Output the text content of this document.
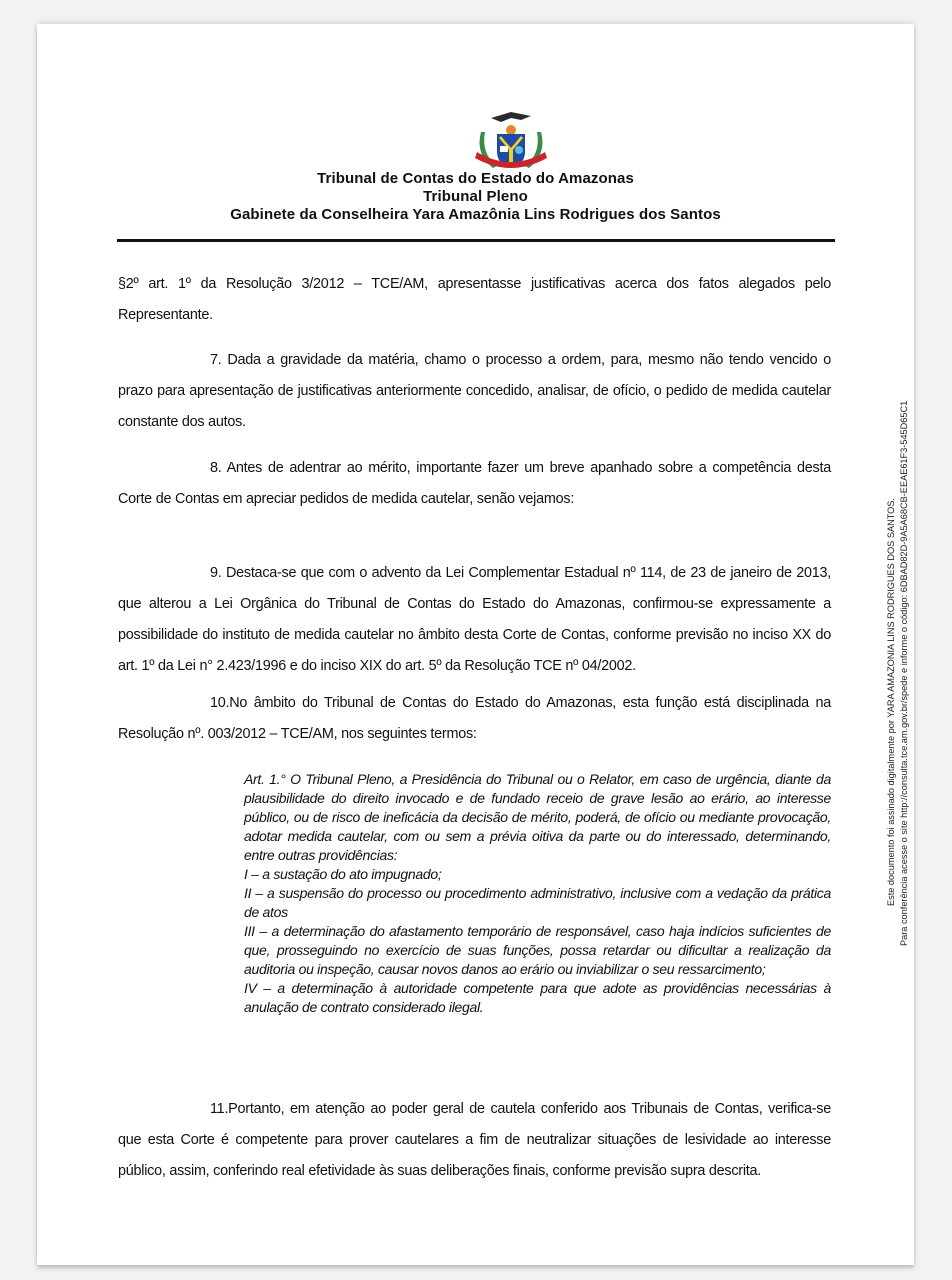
Tribunal de Contas do Estado do Amazonas
Tribunal Pleno
Gabinete da Conselheira Yara Amazônia Lins Rodrigues dos Santos

§2º art. 1º da Resolução 3/2012 – TCE/AM, apresentasse justificativas acerca dos fatos alegados pelo Representante.

7. Dada a gravidade da matéria, chamo o processo a ordem, para, mesmo não tendo vencido o prazo para apresentação de justificativas anteriormente concedido, analisar, de ofício, o pedido de medida cautelar constante dos autos.

8. Antes de adentrar ao mérito, importante fazer um breve apanhado sobre a competência desta Corte de Contas em apreciar pedidos de medida cautelar, senão vejamos:

9. Destaca-se que com o advento da Lei Complementar Estadual nº 114, de 23 de janeiro de 2013, que alterou a Lei Orgânica do Tribunal de Contas do Estado do Amazonas, confirmou-se expressamente a possibilidade do instituto de medida cautelar no âmbito desta Corte de Contas, conforme previsão no inciso XX do art. 1º da Lei n° 2.423/1996 e do inciso XIX do art. 5º da Resolução TCE nº 04/2002.

10.No âmbito do Tribunal de Contas do Estado do Amazonas, esta função está disciplinada na Resolução nº. 003/2012 – TCE/AM, nos seguintes termos:

Art. 1.° O Tribunal Pleno, a Presidência do Tribunal ou o Relator, em caso de urgência, diante da plausibilidade do direito invocado e de fundado receio de grave lesão ao erário, ao interesse público, ou de risco de ineficácia da decisão de mérito, poderá, de ofício ou mediante provocação, adotar medida cautelar, com ou sem a prévia oitiva da parte ou do interessado, determinando, entre outras providências:
I – a sustação do ato impugnado;
II – a suspensão do processo ou procedimento administrativo, inclusive com a vedação da prática de atos
III – a determinação do afastamento temporário de responsável, caso haja indícios suficientes de que, prosseguindo no exercício de suas funções, possa retardar ou dificultar a realização da auditoria ou inspeção, causar novos danos ao erário ou inviabilizar o seu ressarcimento;
IV – a determinação à autoridade competente para que adote as providências necessárias à anulação de contrato considerado ilegal.

11.Portanto, em atenção ao poder geral de cautela conferido aos Tribunais de Contas, verifica-se que esta Corte é competente para prover cautelares a fim de neutralizar situações de lesividade ao interesse público, assim, conferindo real efetividade às suas deliberações finais, conforme previsão supra descrita.

Este documento foi assinado digitalmente por YARA AMAZONIA LINS RODRIGUES DOS SANTOS. Para conferência acesse o site http://consulta.tce.am.gov.br/spede e informe o código: 6DBAD82D-9A5A68CB-EEAE61F3-545D65C1
